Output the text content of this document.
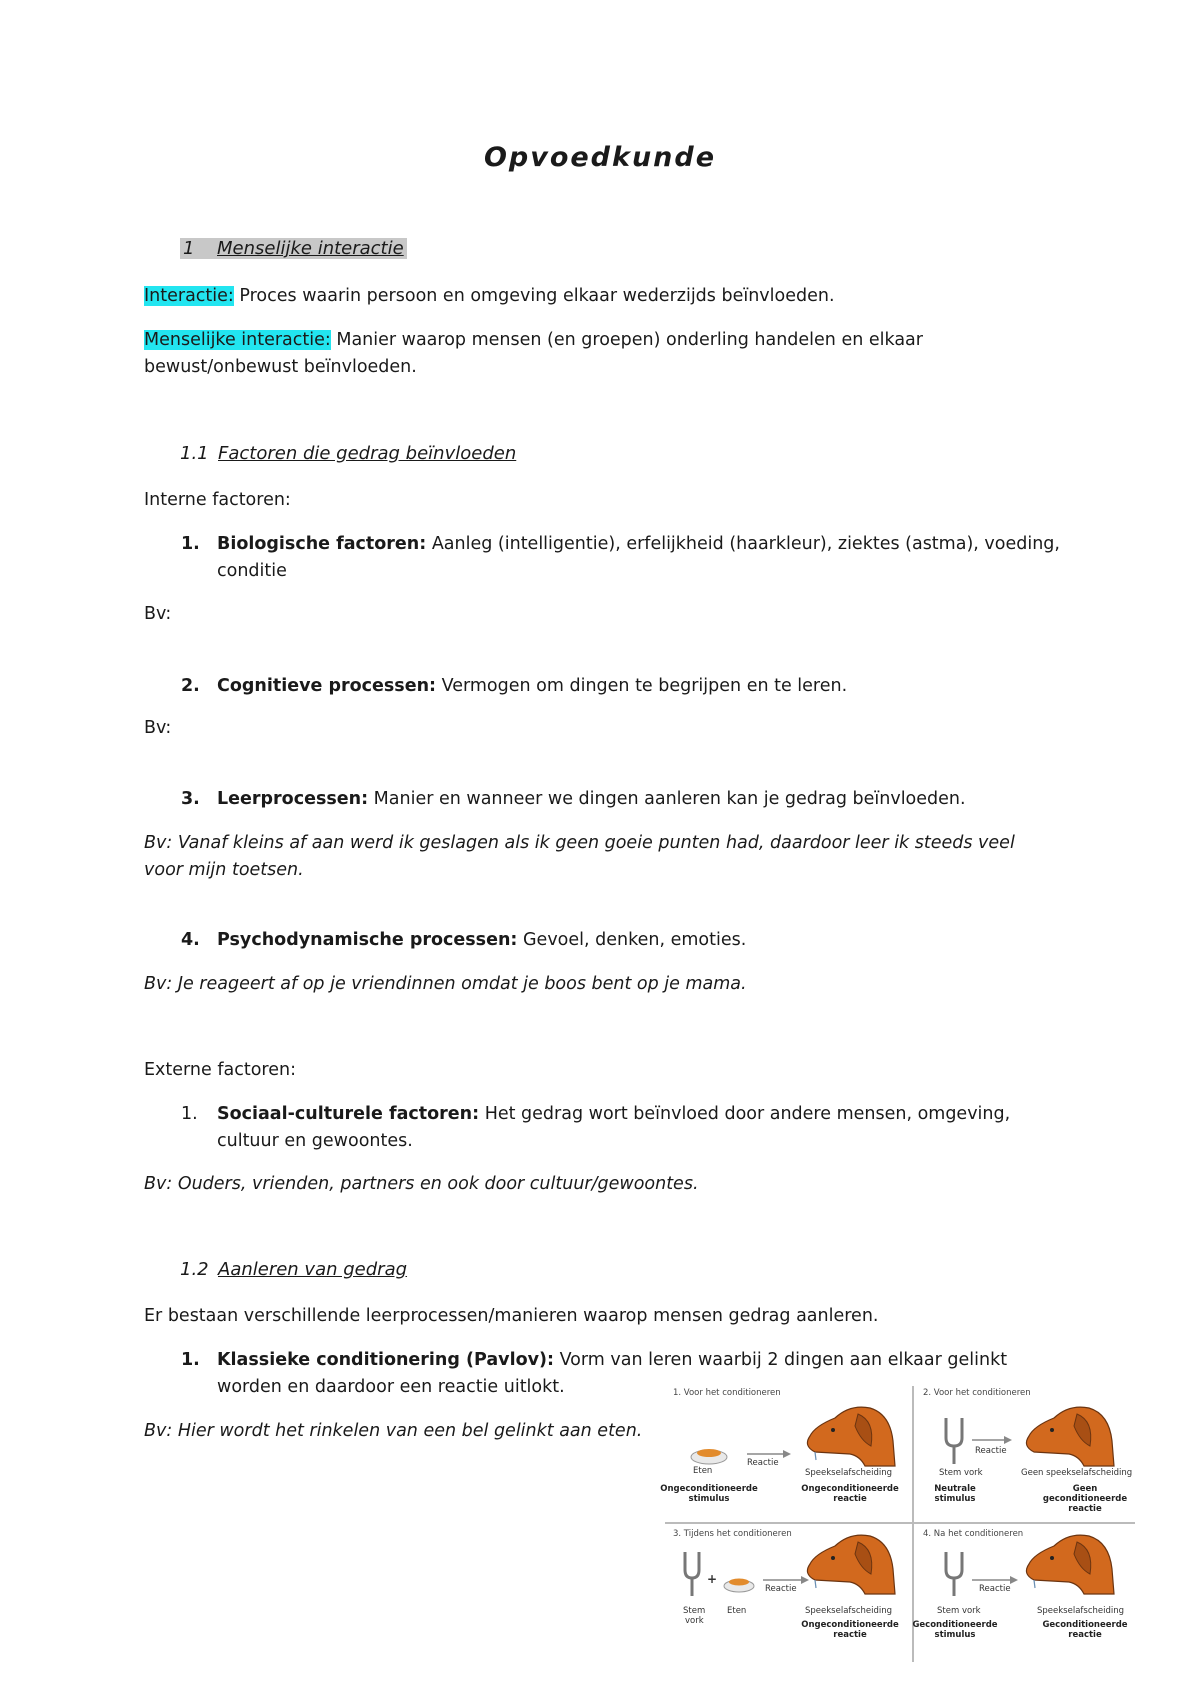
Opvoedkunde
1 Menselijke interactie
Interactie: Proces waarin persoon en omgeving elkaar wederzijds beïnvloeden.
Menselijke interactie: Manier waarop mensen (en groepen) onderling handelen en elkaar
bewust/onbewust beïnvloeden.
1.1 Factoren die gedrag beïnvloeden
Interne factoren:
1. Biologische factoren: Aanleg (intelligentie), erfelijkheid (haarkleur), ziektes (astma), voeding,
conditie
Bv:
2. Cognitieve processen: Vermogen om dingen te begrijpen en te leren.
Bv:
3. Leerprocessen: Manier en wanneer we dingen aanleren kan je gedrag beïnvloeden.
Bv: Vanaf kleins af aan werd ik geslagen als ik geen goeie punten had, daardoor leer ik steeds veel
voor mijn toetsen.
4. Psychodynamische processen: Gevoel, denken, emoties.
Bv: Je reageert af op je vriendinnen omdat je boos bent op je mama.
Externe factoren:
1. Sociaal-culturele factoren: Het gedrag wort beïnvloed door andere mensen, omgeving,
cultuur en gewoontes.
Bv: Ouders, vrienden, partners en ook door cultuur/gewoontes.
1.2 Aanleren van gedrag
Er bestaan verschillende leerprocessen/manieren waarop mensen gedrag aanleren.
1. Klassieke conditionering (Pavlov): Vorm van leren waarbij 2 dingen aan elkaar gelinkt
worden en daardoor een reactie uitlokt.
Bv: Hier wordt het rinkelen van een bel gelinkt aan eten.
1. Voor het conditioneren
Eten
Reactie
Speekselafscheiding
Ongeconditioneerde
stimulus
Ongeconditioneerde
reactie
2. Voor het conditioneren
Stem vork
Reactie
Geen speekselafscheiding
Neutrale
stimulus
Geen geconditioneerde
reactie
3. Tijdens het conditioneren
+
Stem
vork
Eten
Reactie
Speekselafscheiding
Ongeconditioneerde
reactie
4. Na het conditioneren
Stem vork
Reactie
Speekselafscheiding
Geconditioneerde
stimulus
Geconditioneerde
reactie
